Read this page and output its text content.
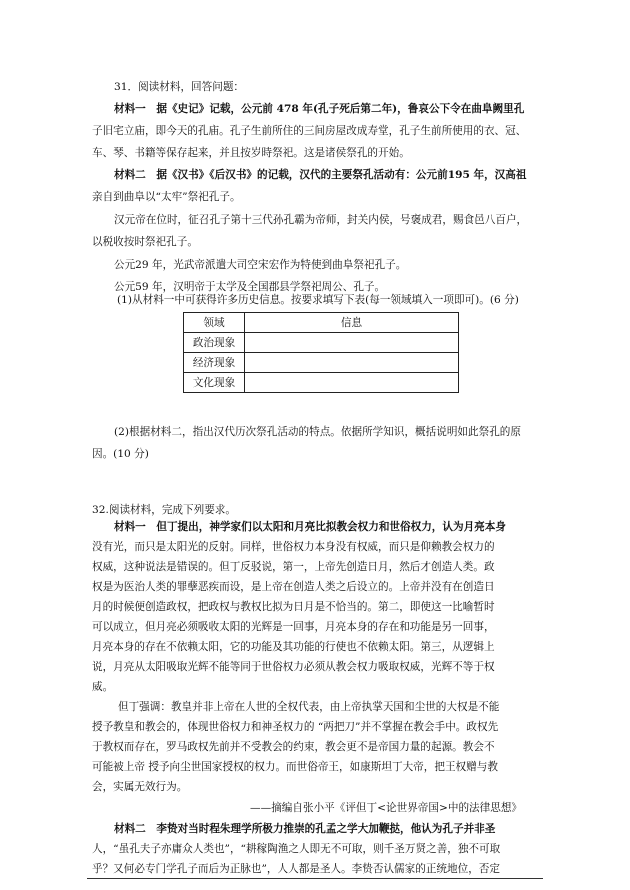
31．阅读材料，回答问题：
材料一　据《史记》记载，公元前 478 年(孔子死后第二年)，鲁哀公下令在曲阜阙里孔
子旧宅立庙，即今天的孔庙。孔子生前所住的三间房屋改成寿堂，孔子生前所使用的衣、冠、
车、琴、书籍等保存起来，并且按岁時祭祀。这是诸侯祭孔的开始。
材料二　据《汉书》《后汉书》的记载，汉代的主要祭孔活动有：公元前195 年，汉高祖
亲自到曲阜以“太牢”祭祀孔子。
汉元帝在位时，征召孔子第十三代孙孔霸为帝师，封关内侯，号褒成君，赐食邑八百户，
以税收按时祭祀孔子。
公元29 年，光武帝派遣大司空宋宏作为特使到曲阜祭祀孔子。
公元59 年，汉明帝于太学及全国郡县学祭祀周公、孔子。
(1)从材料一中可获得许多历史信息。按要求填写下表(每一领域填入一项即可)。(6 分)
领域	信息
政治现象	
经济现象	
文化现象	
(2)根据材料二，指出汉代历次祭孔活动的特点。依据所学知识，概括说明如此祭孔的原
因。(10 分)
32.阅读材料，完成下列要求。
材料一　但丁提出，神学家们以太阳和月亮比拟教会权力和世俗权力，认为月亮本身
没有光，而只是太阳光的反射。同样，世俗权力本身没有权威，而只是仰赖教会权力的
权威，这种说法是错误的。但丁反驳说，第一，上帝先创造日月，然后才创造人类。政
权是为医治人类的罪孽恶疾而设，是上帝在创造人类之后设立的。上帝并没有在创造日
月的时候便创造政权，把政权与教权比拟为日月是不恰当的。第二，即使这一比喻暂时
可以成立，但月亮必须吸收太阳的光辉是一回事，月亮本身的存在和功能是另一回事，
月亮本身的存在不依赖太阳，它的功能及其功能的行使也不依赖太阳。第三，从逻辑上
说，月亮从太阳吸取光辉不能等同于世俗权力必须从教会权力吸取权威，光辉不等于权
威。
但丁强调：教皇并非上帝在人世的全权代表，由上帝执掌天国和尘世的大权是不能
授予教皇和教会的，体现世俗权力和神圣权力的 “两把刀”并不掌握在教会手中。政权先
于教权而存在，罗马政权先前并不受教会的约束，教会更不是帝国力量的起源。教会不
可能被上帝 授予向尘世国家授权的权力。而世俗帝王，如康斯坦丁大帝，把王权赠与教
会，实属无效行为。
——摘编自张小平《评但丁<论世界帝国>中的法律思想》
材料二　李贽对当时程朱理学所极力推崇的孔孟之学大加鞭挞，他认为孔子并非圣
人，“虽孔夫子亦庸众人类也”，“耕稼陶渔之人即无不可取，则千圣万贤之善，独不可取
乎？又何必专门学孔子而后为正脉也”，人人都是圣人。李贽否认儒家的正统地位，否定
